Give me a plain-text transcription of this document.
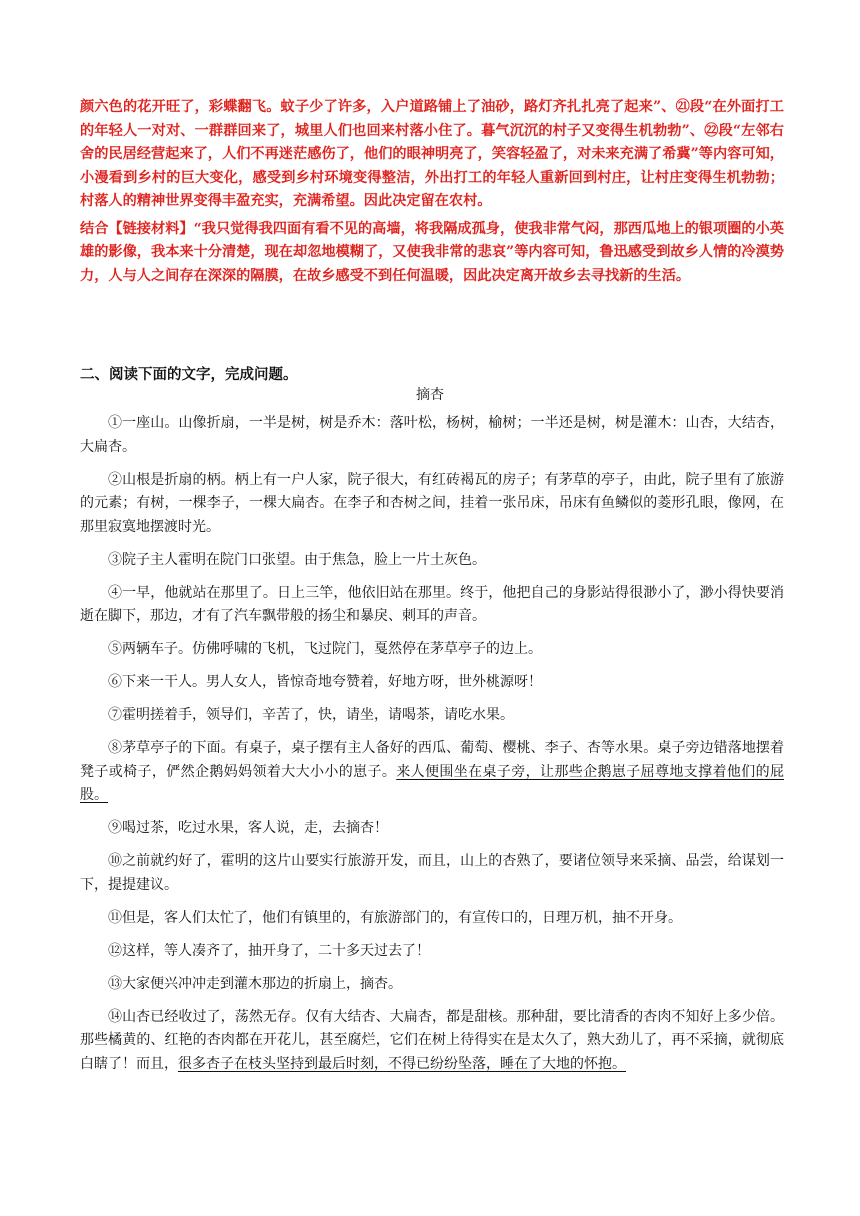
颜六色的花开旺了，彩蝶翻飞。蚊子少了许多，入户道路铺上了油砂，路灯齐扎扎亮了起来”、㉑段“在外面打工的年轻人一对对、一群群回来了，城里人们也回来村落小住了。暮气沉沉的村子又变得生机勃勃”、㉒段“左邻右舍的民居经营起来了，人们不再迷茫感伤了，他们的眼神明亮了，笑容轻盈了，对未来充满了希冀”等内容可知，小漫看到乡村的巨大变化，感受到乡村环境变得整洁，外出打工的年轻人重新回到村庄，让村庄变得生机勃勃；村落人的精神世界变得丰盈充实，充满希望。因此决定留在农村。

结合【链接材料】“我只觉得我四面有看不见的高墙，将我隔成孤身，使我非常气闷，那西瓜地上的银项圈的小英雄的影像，我本来十分清楚，现在却忽地模糊了，又使我非常的悲哀”等内容可知，鲁迅感受到故乡人情的冷漠势力，人与人之间存在深深的隔膜，在故乡感受不到任何温暖，因此决定离开故乡去寻找新的生活。

二、阅读下面的文字，完成问题。

摘杏

①一座山。山像折扇，一半是树，树是乔木：落叶松，杨树，榆树；一半还是树，树是灌木：山杏，大结杏，大扁杏。

②山根是折扇的柄。柄上有一户人家，院子很大，有红砖褐瓦的房子；有茅草的亭子，由此，院子里有了旅游的元素；有树，一棵李子，一棵大扁杏。在李子和杏树之间，挂着一张吊床，吊床有鱼鳞似的菱形孔眼，像网，在那里寂寞地摆渡时光。

③院子主人霍明在院门口张望。由于焦急，脸上一片土灰色。

④一早，他就站在那里了。日上三竿，他依旧站在那里。终于，他把自己的身影站得很渺小了，渺小得快要消逝在脚下，那边，才有了汽车飘带般的扬尘和暴戾、刺耳的声音。

⑤两辆车子。仿佛呼啸的飞机，飞过院门，戛然停在茅草亭子的边上。

⑥下来一干人。男人女人，皆惊奇地夸赞着，好地方呀，世外桃源呀！

⑦霍明搓着手，领导们，辛苦了，快，请坐，请喝茶，请吃水果。

⑧茅草亭子的下面。有桌子，桌子摆有主人备好的西瓜、葡萄、樱桃、李子、杏等水果。桌子旁边错落地摆着凳子或椅子，俨然企鹅妈妈领着大大小小的崽子。来人便围坐在桌子旁，让那些企鹅崽子屈尊地支撑着他们的屁股。

⑨喝过茶，吃过水果，客人说，走，去摘杏！

⑩之前就约好了，霍明的这片山要实行旅游开发，而且，山上的杏熟了，要诸位领导来采摘、品尝，给谋划一下，提提建议。

⑪但是，客人们太忙了，他们有镇里的，有旅游部门的，有宣传口的，日理万机，抽不开身。

⑫这样，等人凑齐了，抽开身了，二十多天过去了！

⑬大家便兴冲冲走到灌木那边的折扇上，摘杏。

⑭山杏已经收过了，荡然无存。仅有大结杏、大扁杏，都是甜核。那种甜，要比清香的杏肉不知好上多少倍。那些橘黄的、红艳的杏肉都在开花儿，甚至腐烂，它们在树上待得实在是太久了，熟大劲儿了，再不采摘，就彻底白瞎了！而且，很多杏子在枝头坚持到最后时刻，不得已纷纷坠落，睡在了大地的怀抱。
